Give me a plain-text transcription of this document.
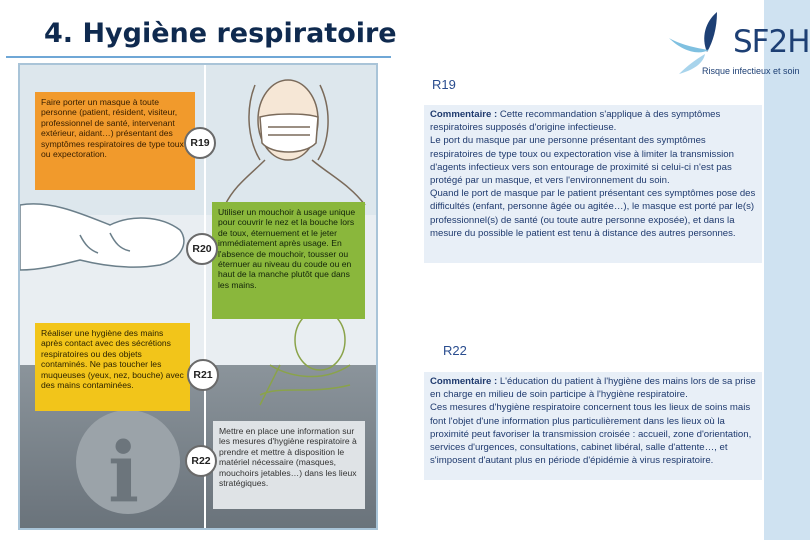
4. Hygiène respiratoire	SF2H
Risque infectieux et soin
i
Faire porter un masque à toute personne (patient, résident, visiteur, professionnel de santé, intervenant extérieur, aidant…) présentant des symptômes respiratoires de type toux ou expectoration.
Utiliser un mouchoir à usage unique pour couvrir le nez et la bouche lors de toux, éternuement et le jeter immédiatement après usage. En l'absence de mouchoir, tousser ou éternuer au niveau du coude ou en haut de la manche plutôt que dans les mains.
Réaliser une hygiène des mains après contact avec des sécrétions respiratoires ou des objets contaminés. Ne pas toucher les muqueuses (yeux, nez, bouche) avec des mains contaminées.
Mettre en place une information sur les mesures d'hygiène respiratoire à prendre et mettre à disposition le matériel nécessaire (masques, mouchoirs jetables…) dans les lieux stratégiques.
R19
R20
R21
R22
R19
Commentaire : Cette recommandation s'applique à des symptômes respiratoires supposés d'origine infectieuse.
Le port du masque par une personne présentant des symptômes respiratoires de type toux ou expectoration vise à limiter la transmission d'agents infectieux vers son entourage de proximité si celui-ci n'est pas protégé par un masque, et vers l'environnement du soin.
Quand le port de masque par le patient présentant ces symptômes pose des difficultés (enfant, personne âgée ou agitée…), le masque est porté par le(s) professionnel(s) de santé (ou toute autre personne exposée), et dans la mesure du possible le patient est tenu à distance des autres personnes.
R22
Commentaire : L'éducation du patient à l'hygiène des mains lors de sa prise en charge en milieu de soin participe à l'hygiène respiratoire.
Ces mesures d'hygiène respiratoire concernent tous les lieux de soins mais font l'objet d'une information plus particulièrement dans les lieux où la proximité peut favoriser la transmission croisée : accueil, zone d'orientation, services d'urgences, consultations, cabinet libéral, salle d'attente…, et s'imposent d'autant plus en période d'épidémie à virus respiratoire.
